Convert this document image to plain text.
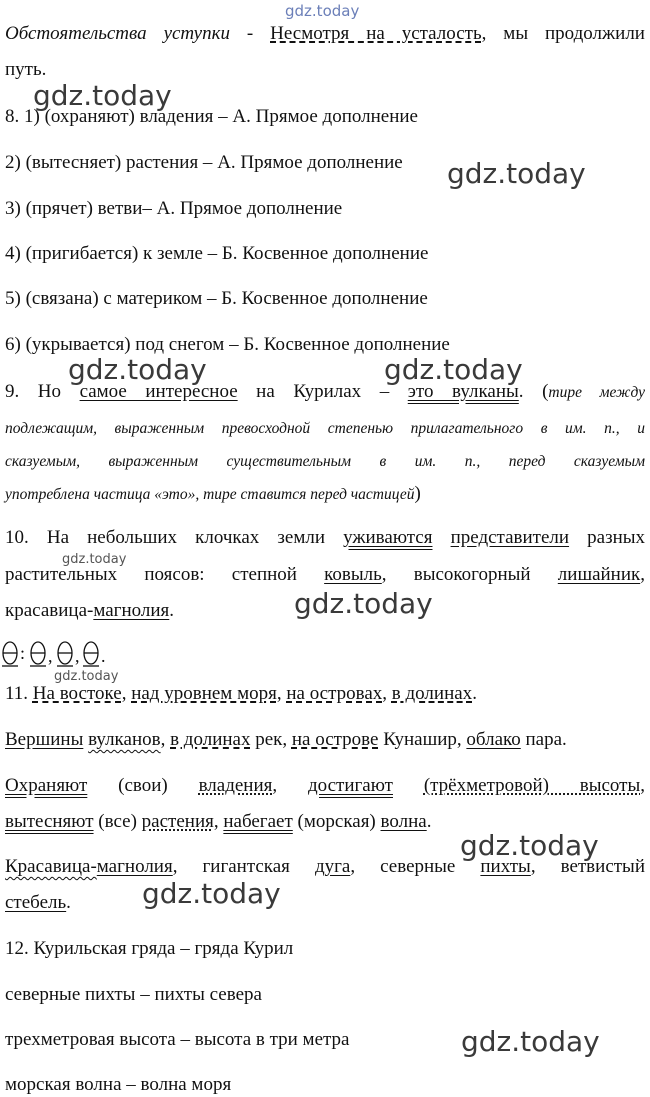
gdz.today
gdz.today
gdz.today
gdz.today	gdz.today
gdz.today
gdz.today
gdz.today
gdz.today
gdz.today
gdz.today
Обстоятельства уступки - Несмотря на усталость, мы продолжили
путь.
8. 1) (охраняют) владения – А. Прямое дополнение
2) (вытесняет) растения – А. Прямое дополнение
3) (прячет) ветви– А. Прямое дополнение
4) (пригибается) к земле – Б. Косвенное дополнение
5) (связана) с материком – Б. Косвенное дополнение
6) (укрывается) под снегом – Б. Косвенное дополнение
9. Но самое интересное на Курилах – это вулканы. (тире между
подлежащим, выраженным превосходной степенью прилагательного в им. п., и
сказуемым, выраженным существительным в им. п., перед сказуемым
употреблена частица «это», тире ставится перед частицей)
10. На небольших клочках земли уживаются представители разных
растительных поясов: степной ковыль, высокогорный лишайник,
красавица-магнолия.
: , , .
11. На востоке, над уровнем моря, на островах, в долинах.
Вершины вулканов, в долинах рек, на острове Кунашир, облако пара.
Охраняют (свои) владения, достигают (трёхметровой) высоты,
вытесняют (все) растения, набегает (морская) волна.
Красавица-магнолия, гигантская дуга, северные пихты, ветвистый
стебель.
12. Курильская гряда – гряда Курил
северные пихты – пихты севера
трехметровая высота – высота в три метра
морская волна – волна моря
